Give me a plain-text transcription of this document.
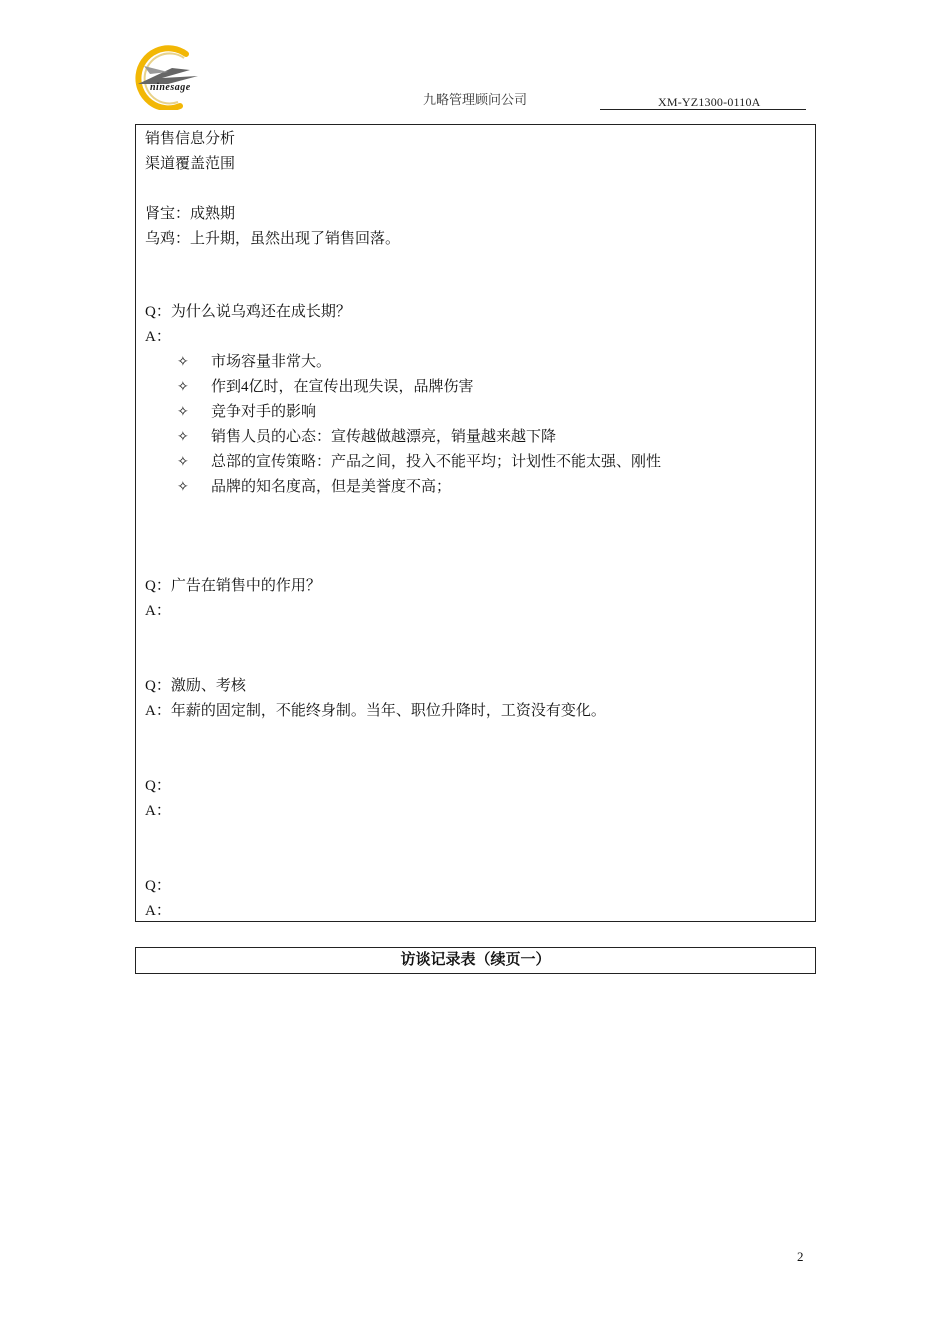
ninesage
九略管理顾问公司	XM-YZ1300-0110A
销售信息分析
渠道覆盖范围
肾宝：成熟期
乌鸡：上升期，虽然出现了销售回落。
Q：为什么说乌鸡还在成长期？
A：
✧ 市场容量非常大。
✧ 作到4亿时，在宣传出现失误，品牌伤害
✧ 竞争对手的影响
✧ 销售人员的心态：宣传越做越漂亮，销量越来越下降
✧ 总部的宣传策略：产品之间，投入不能平均；计划性不能太强、刚性
✧ 品牌的知名度高，但是美誉度不高；
Q：广告在销售中的作用？
A：
Q：激励、考核
A：年薪的固定制，不能终身制。当年、职位升降时，工资没有变化。
Q：
A：
Q：
A：
访谈记录表（续页一）
2
